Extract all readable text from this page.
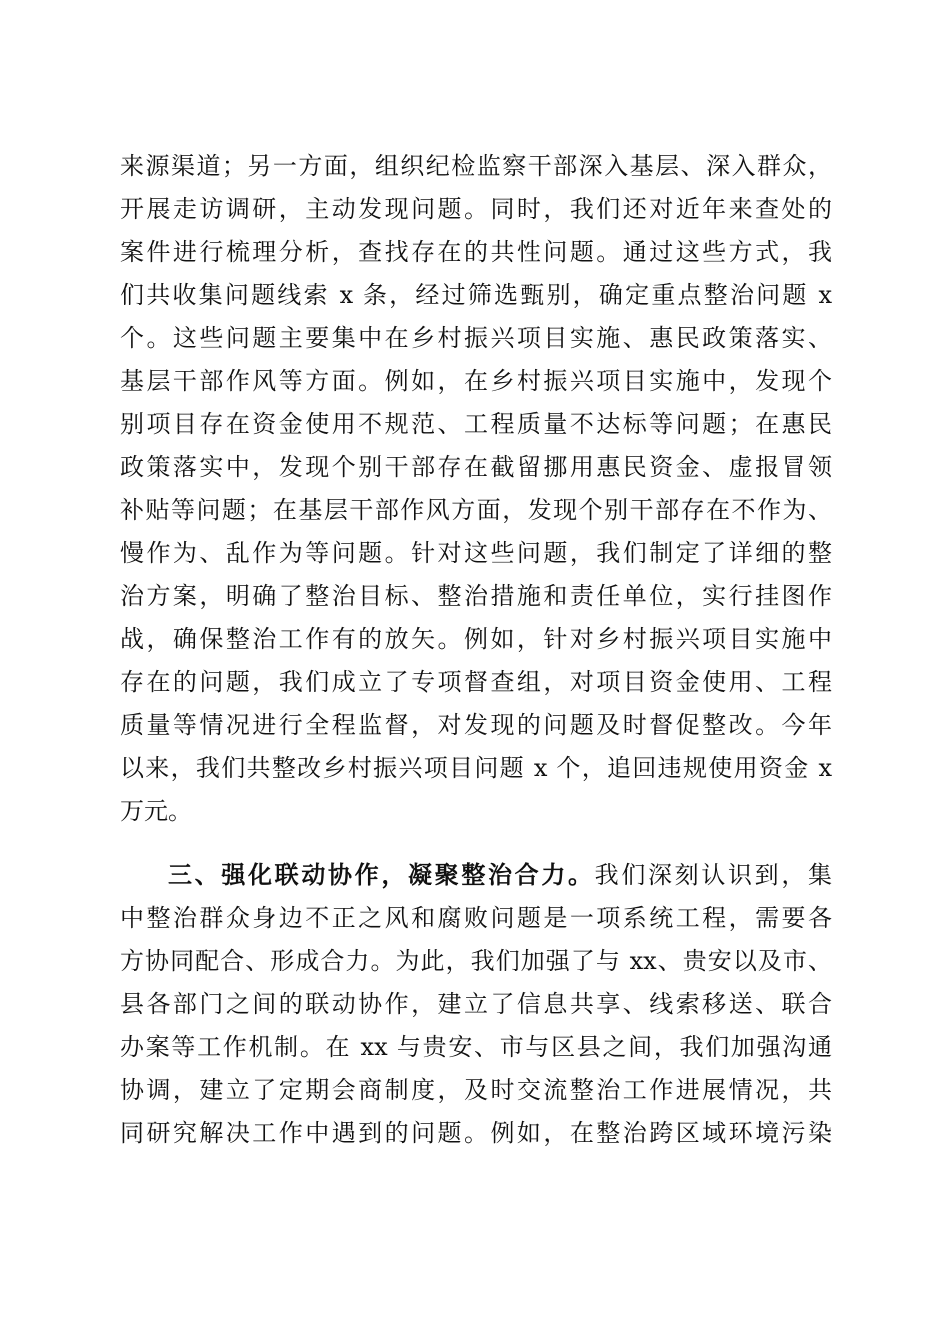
来源渠道；另一方面，组织纪检监察干部深入基层、深入群众，
开展走访调研，主动发现问题。同时，我们还对近年来查处的
案件进行梳理分析，查找存在的共性问题。通过这些方式，我
们共收集问题线索 x 条，经过筛选甄别，确定重点整治问题 x
个。这些问题主要集中在乡村振兴项目实施、惠民政策落实、
基层干部作风等方面。例如，在乡村振兴项目实施中，发现个
别项目存在资金使用不规范、工程质量不达标等问题；在惠民
政策落实中，发现个别干部存在截留挪用惠民资金、虚报冒领
补贴等问题；在基层干部作风方面，发现个别干部存在不作为、
慢作为、乱作为等问题。针对这些问题，我们制定了详细的整
治方案，明确了整治目标、整治措施和责任单位，实行挂图作
战，确保整治工作有的放矢。例如，针对乡村振兴项目实施中
存在的问题，我们成立了专项督查组，对项目资金使用、工程
质量等情况进行全程监督，对发现的问题及时督促整改。今年
以来，我们共整改乡村振兴项目问题 x 个，追回违规使用资金 x
万元。
三、强化联动协作，凝聚整治合力。我们深刻认识到，集
中整治群众身边不正之风和腐败问题是一项系统工程，需要各
方协同配合、形成合力。为此，我们加强了与 xx、贵安以及市、
县各部门之间的联动协作，建立了信息共享、线索移送、联合
办案等工作机制。在 xx 与贵安、市与区县之间，我们加强沟通
协调，建立了定期会商制度，及时交流整治工作进展情况，共
同研究解决工作中遇到的问题。例如，在整治跨区域环境污染
